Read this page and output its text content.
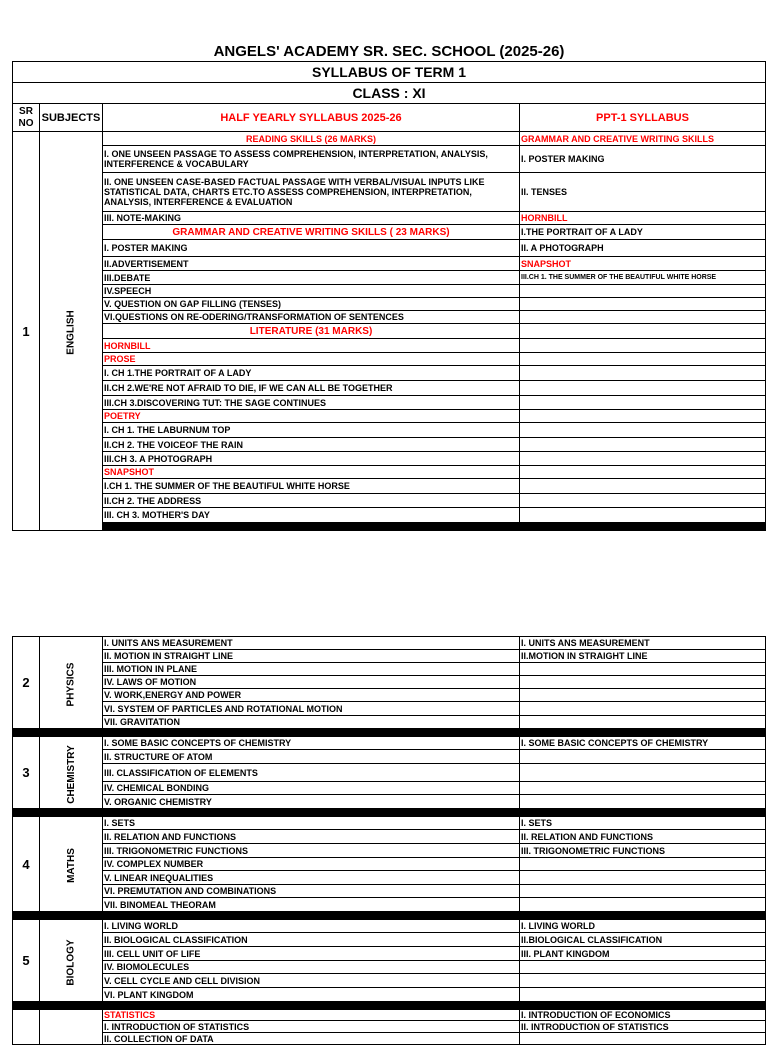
ANGELS' ACADEMY SR. SEC. SCHOOL (2025-26)				
SYLLABUS OF TERM 1				
CLASS : XI				
SR NO	SUBJECTS	HALF YEARLY SYLLABUS 2025-26	PPT-1 SYLLABUS	
1	ENGLISH	READING SKILLS (26 MARKS)	GRAMMAR AND CREATIVE WRITING SKILLS	
		I. ONE UNSEEN PASSAGE TO ASSESS COMPREHENSION, INTERPRETATION, ANALYSIS, INTERFERENCE & VOCABULARY	I. POSTER MAKING	
		II. ONE UNSEEN CASE-BASED FACTUAL PASSAGE WITH VERBAL/VISUAL INPUTS LIKE STATISTICAL DATA, CHARTS ETC.TO ASSESS COMPREHENSION, INTERPRETATION, ANALYSIS, INTERFERENCE & EVALUATION	II. TENSES	
		III. NOTE-MAKING	HORNBILL	
		GRAMMAR AND CREATIVE WRITING SKILLS ( 23 MARKS)	I.THE PORTRAIT OF A LADY	
		I. POSTER MAKING	II. A PHOTOGRAPH	
		II.ADVERTISEMENT	SNAPSHOT	
		III.DEBATE	III.CH 1. THE SUMMER OF THE BEAUTIFUL WHITE HORSE	
		IV.SPEECH		
		V. QUESTION ON GAP FILLING (TENSES)		
		VI.QUESTIONS ON RE-ODERING/TRANSFORMATION OF SENTENCES		
		LITERATURE (31 MARKS)		
		HORNBILL		
		PROSE		
		I. CH 1.THE PORTRAIT OF A LADY		
		II.CH 2.WE'RE NOT AFRAID TO DIE, IF WE CAN ALL BE TOGETHER		
		III.CH 3.DISCOVERING TUT: THE SAGE CONTINUES		
		POETRY		
		I. CH 1. THE LABURNUM TOP		
		II.CH 2. THE VOICEOF THE RAIN		
		III.CH 3. A PHOTOGRAPH		
		SNAPSHOT		
		I.CH 1. THE SUMMER OF THE BEAUTIFUL WHITE HORSE		
		II.CH 2. THE ADDRESS		
		III. CH 3. MOTHER'S DAY		

2	PHYSICS	I. UNITS ANS MEASUREMENT	I. UNITS ANS MEASUREMENT
		II. MOTION IN STRAIGHT LINE	II.MOTION IN STRAIGHT LINE
		III. MOTION IN PLANE	
		IV. LAWS OF MOTION	
		V. WORK,ENERGY AND POWER	
		VI. SYSTEM OF PARTICLES AND ROTATIONAL MOTION	
		VII. GRAVITATION	

3	CHEMISTRY	I. SOME BASIC CONCEPTS OF CHEMISTRY	I. SOME BASIC CONCEPTS OF CHEMISTRY
		II. STRUCTURE OF ATOM	
		III. CLASSIFICATION OF ELEMENTS	
		IV. CHEMICAL BONDING	
		V. ORGANIC CHEMISTRY	

4	MATHS	I. SETS	I. SETS
		II. RELATION AND FUNCTIONS	II. RELATION AND FUNCTIONS
		III. TRIGONOMETRIC FUNCTIONS	III. TRIGONOMETRIC FUNCTIONS
		IV. COMPLEX NUMBER	
		V. LINEAR INEQUALITIES	
		VI. PREMUTATION AND COMBINATIONS	
		VII. BINOMEAL THEORAM	

5	BIOLOGY	I. LIVING WORLD	I. LIVING WORLD
		II. BIOLOGICAL CLASSIFICATION	II.BIOLOGICAL CLASSIFICATION
		III. CELL UNIT OF LIFE	III. PLANT KINGDOM
		IV. BIOMOLECULES	
		V. CELL CYCLE AND CELL DIVISION	
		VI. PLANT KINGDOM	

		STATISTICS	I. INTRODUCTION OF ECONOMICS
		I. INTRODUCTION OF STATISTICS	II. INTRODUCTION OF STATISTICS
		II. COLLECTION OF DATA	
